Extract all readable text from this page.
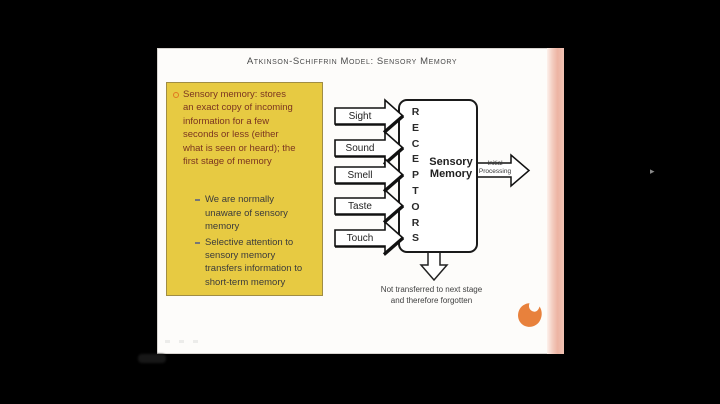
Atkinson-Schiffrin Model: Sensory Memory
Sensory memory: stores
an exact copy of incoming
information for a few
seconds or less (either
what is seen or heard); the
first stage of memory
We are normally
unaware of sensory
memory
Selective attention to
sensory memory
transfers information to
short-term memory
Sight
Sound
Smell
Taste
Touch
R
E
C
E
P
T
O
R
S
Sensory
Memory
Initial
Processing
Not transferred to next stage
and therefore forgotten
▸
